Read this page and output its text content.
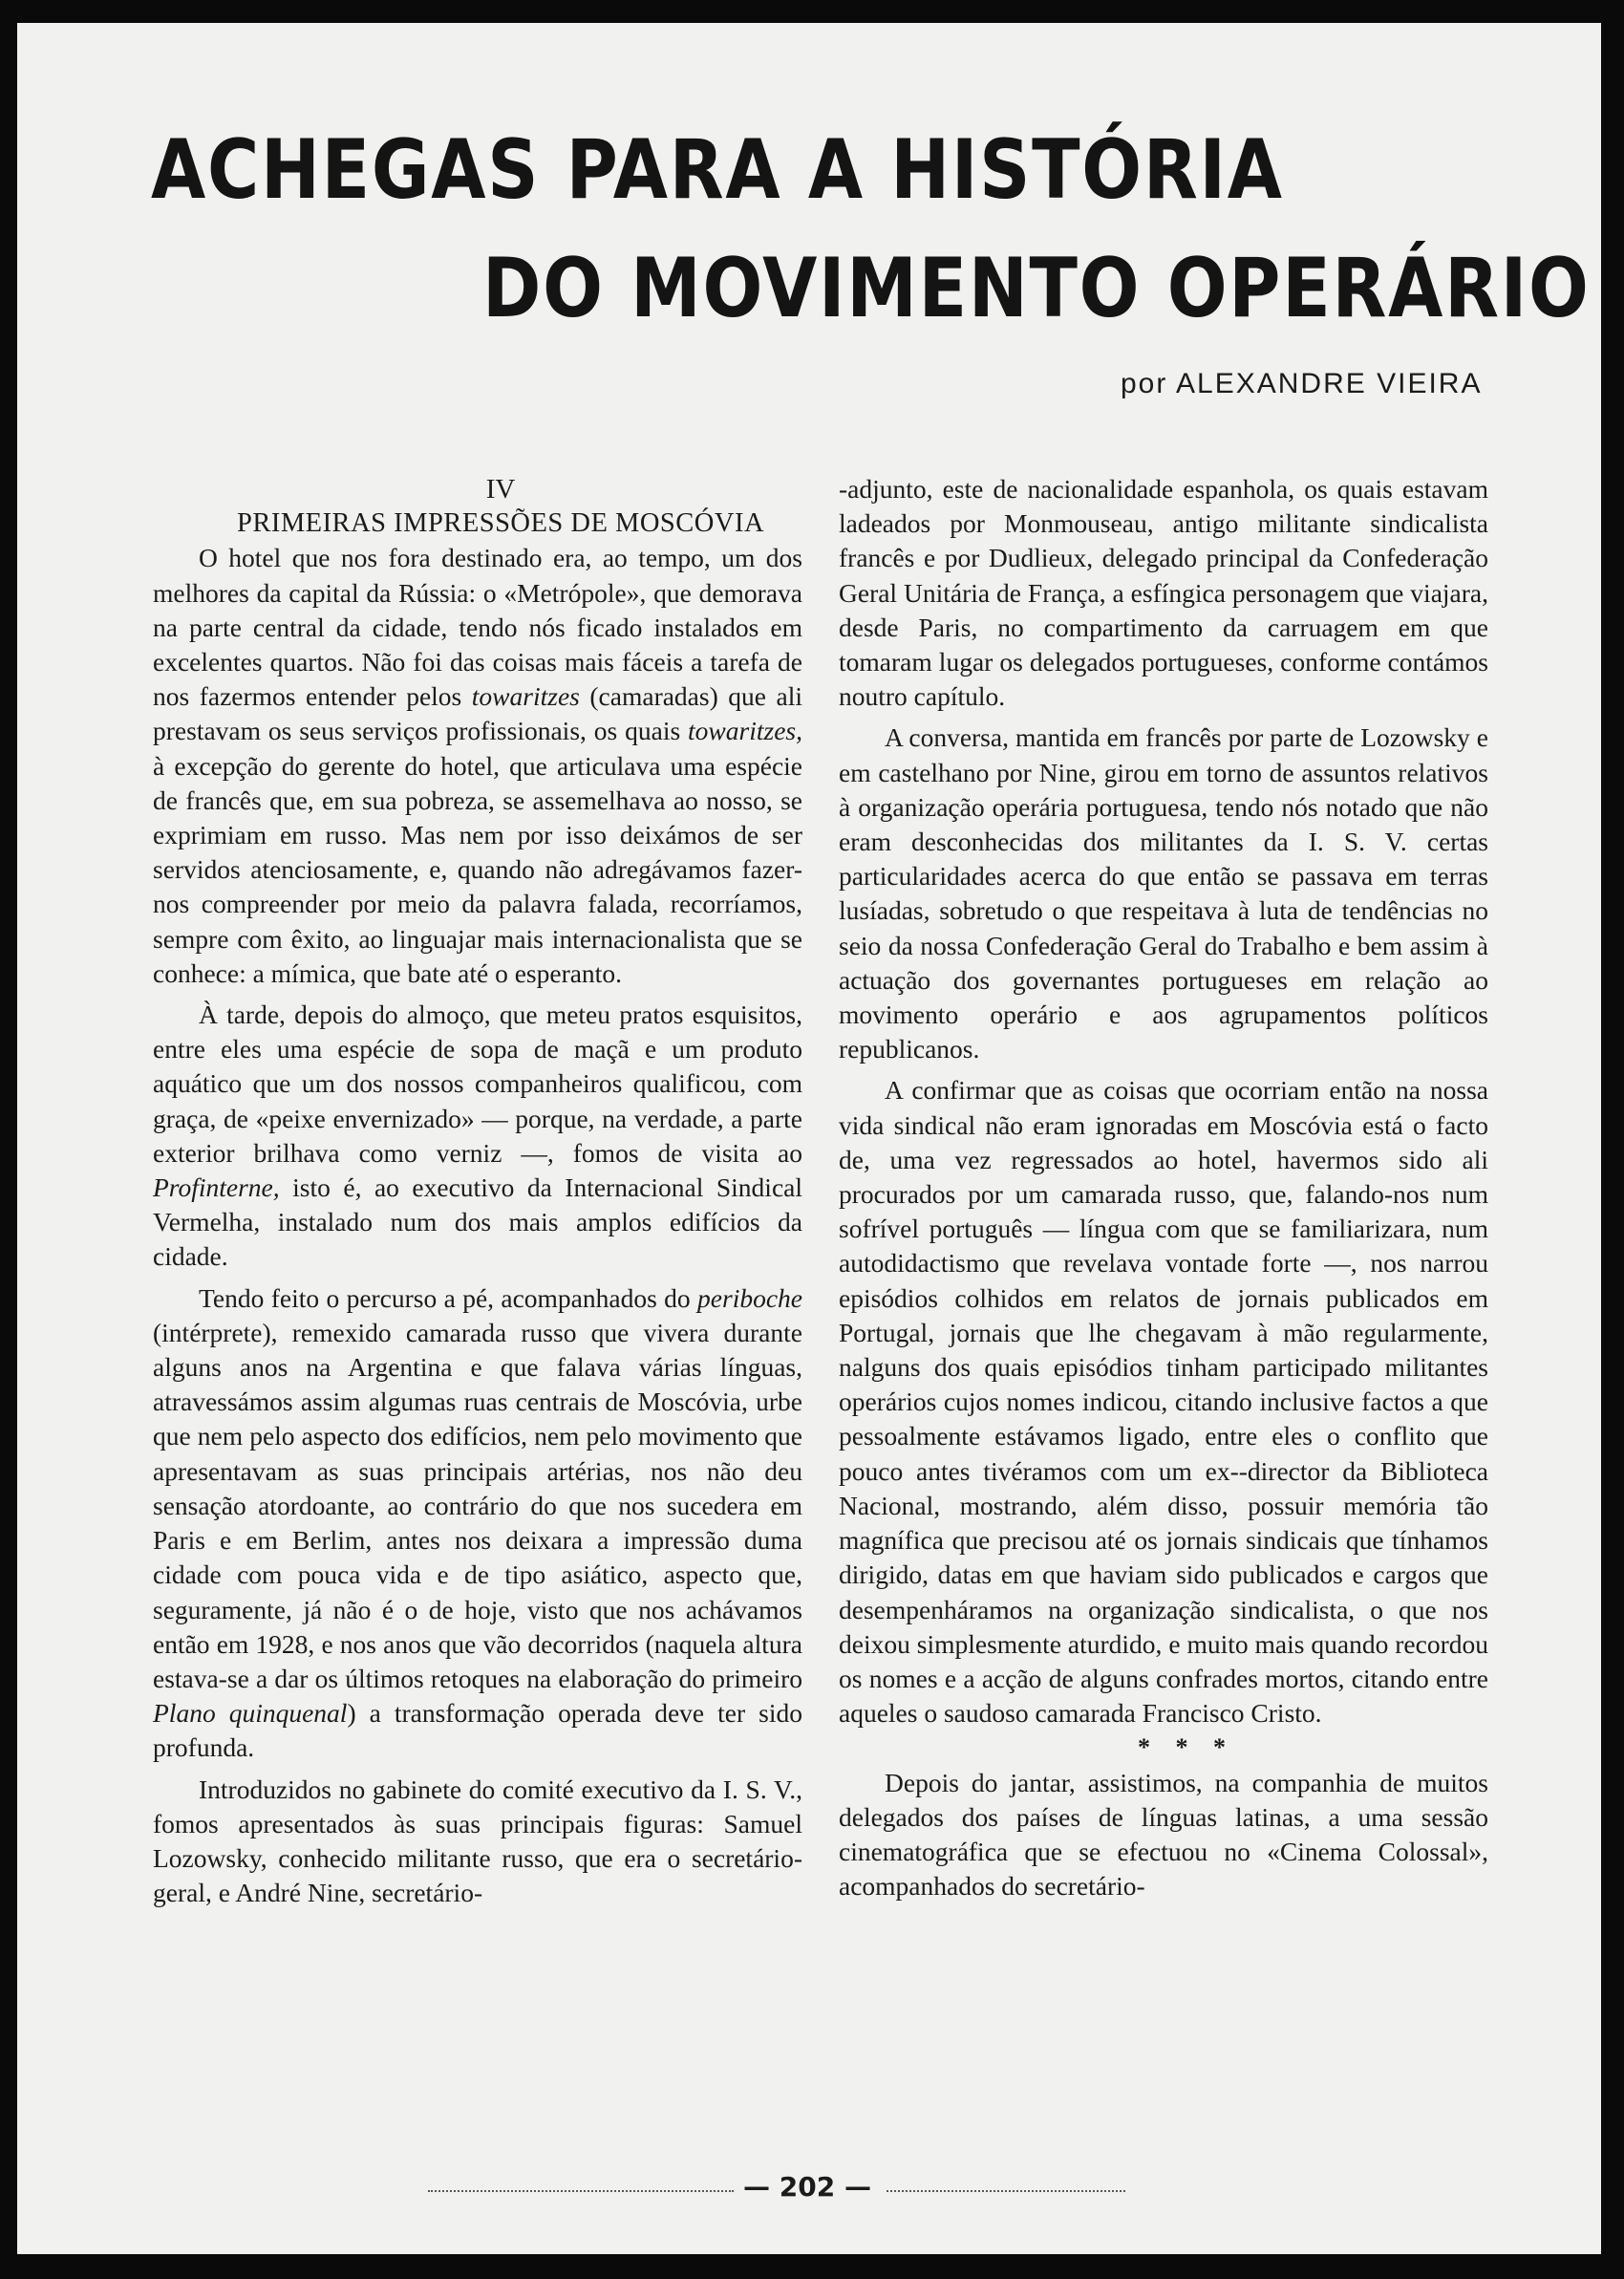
ACHEGAS PARA A HISTÓRIA
DO MOVIMENTO OPERÁRIO

por ALEXANDRE VIEIRA

IV

PRIMEIRAS IMPRESSÕES DE MOSCÓVIA

O hotel que nos fora destinado era, ao tempo, um dos melhores da capital da Rússia: o «Metrópole», que demorava na parte central da cidade, tendo nós ficado instalados em excelentes quartos. Não foi das coisas mais fáceis a tarefa de nos fazermos entender pelos towaritzes (camaradas) que ali prestavam os seus serviços profissionais, os quais towaritzes, à excepção do gerente do hotel, que articulava uma espécie de francês que, em sua pobreza, se assemelhava ao nosso, se exprimiam em russo. Mas nem por isso deixámos de ser servidos atenciosamente, e, quando não adregávamos fazer-nos compreender por meio da palavra falada, recorríamos, sempre com êxito, ao linguajar mais internacionalista que se conhece: a mímica, que bate até o esperanto.

À tarde, depois do almoço, que meteu pratos esquisitos, entre eles uma espécie de sopa de maçã e um produto aquático que um dos nossos companheiros qualificou, com graça, de «peixe envernizado» — porque, na verdade, a parte exterior brilhava como verniz —, fomos de visita ao Profinterne, isto é, ao executivo da Internacional Sindical Vermelha, instalado num dos mais amplos edifícios da cidade.

Tendo feito o percurso a pé, acompanhados do periboche (intérprete), remexido camarada russo que vivera durante alguns anos na Argentina e que falava várias línguas, atravessámos assim algumas ruas centrais de Moscóvia, urbe que nem pelo aspecto dos edifícios, nem pelo movimento que apresentavam as suas principais artérias, nos não deu sensação atordoante, ao contrário do que nos sucedera em Paris e em Berlim, antes nos deixara a impressão duma cidade com pouca vida e de tipo asiático, aspecto que, seguramente, já não é o de hoje, visto que nos achávamos então em 1928, e nos anos que vão decorridos (naquela altura estava-se a dar os últimos retoques na elaboração do primeiro Plano quinquenal) a transformação operada deve ter sido profunda.

Introduzidos no gabinete do comité executivo da I. S. V., fomos apresentados às suas principais figuras: Samuel Lozowsky, conhecido militante russo, que era o secretário-geral, e André Nine, secretário-

-adjunto, este de nacionalidade espanhola, os quais estavam ladeados por Monmouseau, antigo militante sindicalista francês e por Dudlieux, delegado principal da Confederação Geral Unitária de França, a esfíngica personagem que viajara, desde Paris, no compartimento da carruagem em que tomaram lugar os delegados portugueses, conforme contámos noutro capítulo.

A conversa, mantida em francês por parte de Lozowsky e em castelhano por Nine, girou em torno de assuntos relativos à organização operária portuguesa, tendo nós notado que não eram desconhecidas dos militantes da I. S. V. certas particularidades acerca do que então se passava em terras lusíadas, sobretudo o que respeitava à luta de tendências no seio da nossa Confederação Geral do Trabalho e bem assim à actuação dos governantes portugueses em relação ao movimento operário e aos agrupamentos políticos republicanos.

A confirmar que as coisas que ocorriam então na nossa vida sindical não eram ignoradas em Moscóvia está o facto de, uma vez regressados ao hotel, havermos sido ali procurados por um camarada russo, que, falando-nos num sofrível português — língua com que se familiarizara, num autodidactismo que revelava vontade forte —, nos narrou episódios colhidos em relatos de jornais publicados em Portugal, jornais que lhe chegavam à mão regularmente, nalguns dos quais episódios tinham participado militantes operários cujos nomes indicou, citando inclusive factos a que pessoalmente estávamos ligado, entre eles o conflito que pouco antes tivéramos com um ex--director da Biblioteca Nacional, mostrando, além disso, possuir memória tão magnífica que precisou até os jornais sindicais que tínhamos dirigido, datas em que haviam sido publicados e cargos que desempenháramos na organização sindicalista, o que nos deixou simplesmente aturdido, e muito mais quando recordou os nomes e a acção de alguns confrades mortos, citando entre aqueles o saudoso camarada Francisco Cristo.

* * *

Depois do jantar, assistimos, na companhia de muitos delegados dos países de línguas latinas, a uma sessão cinematográfica que se efectuou no «Cinema Colossal», acompanhados do secretário-

— 202 —
